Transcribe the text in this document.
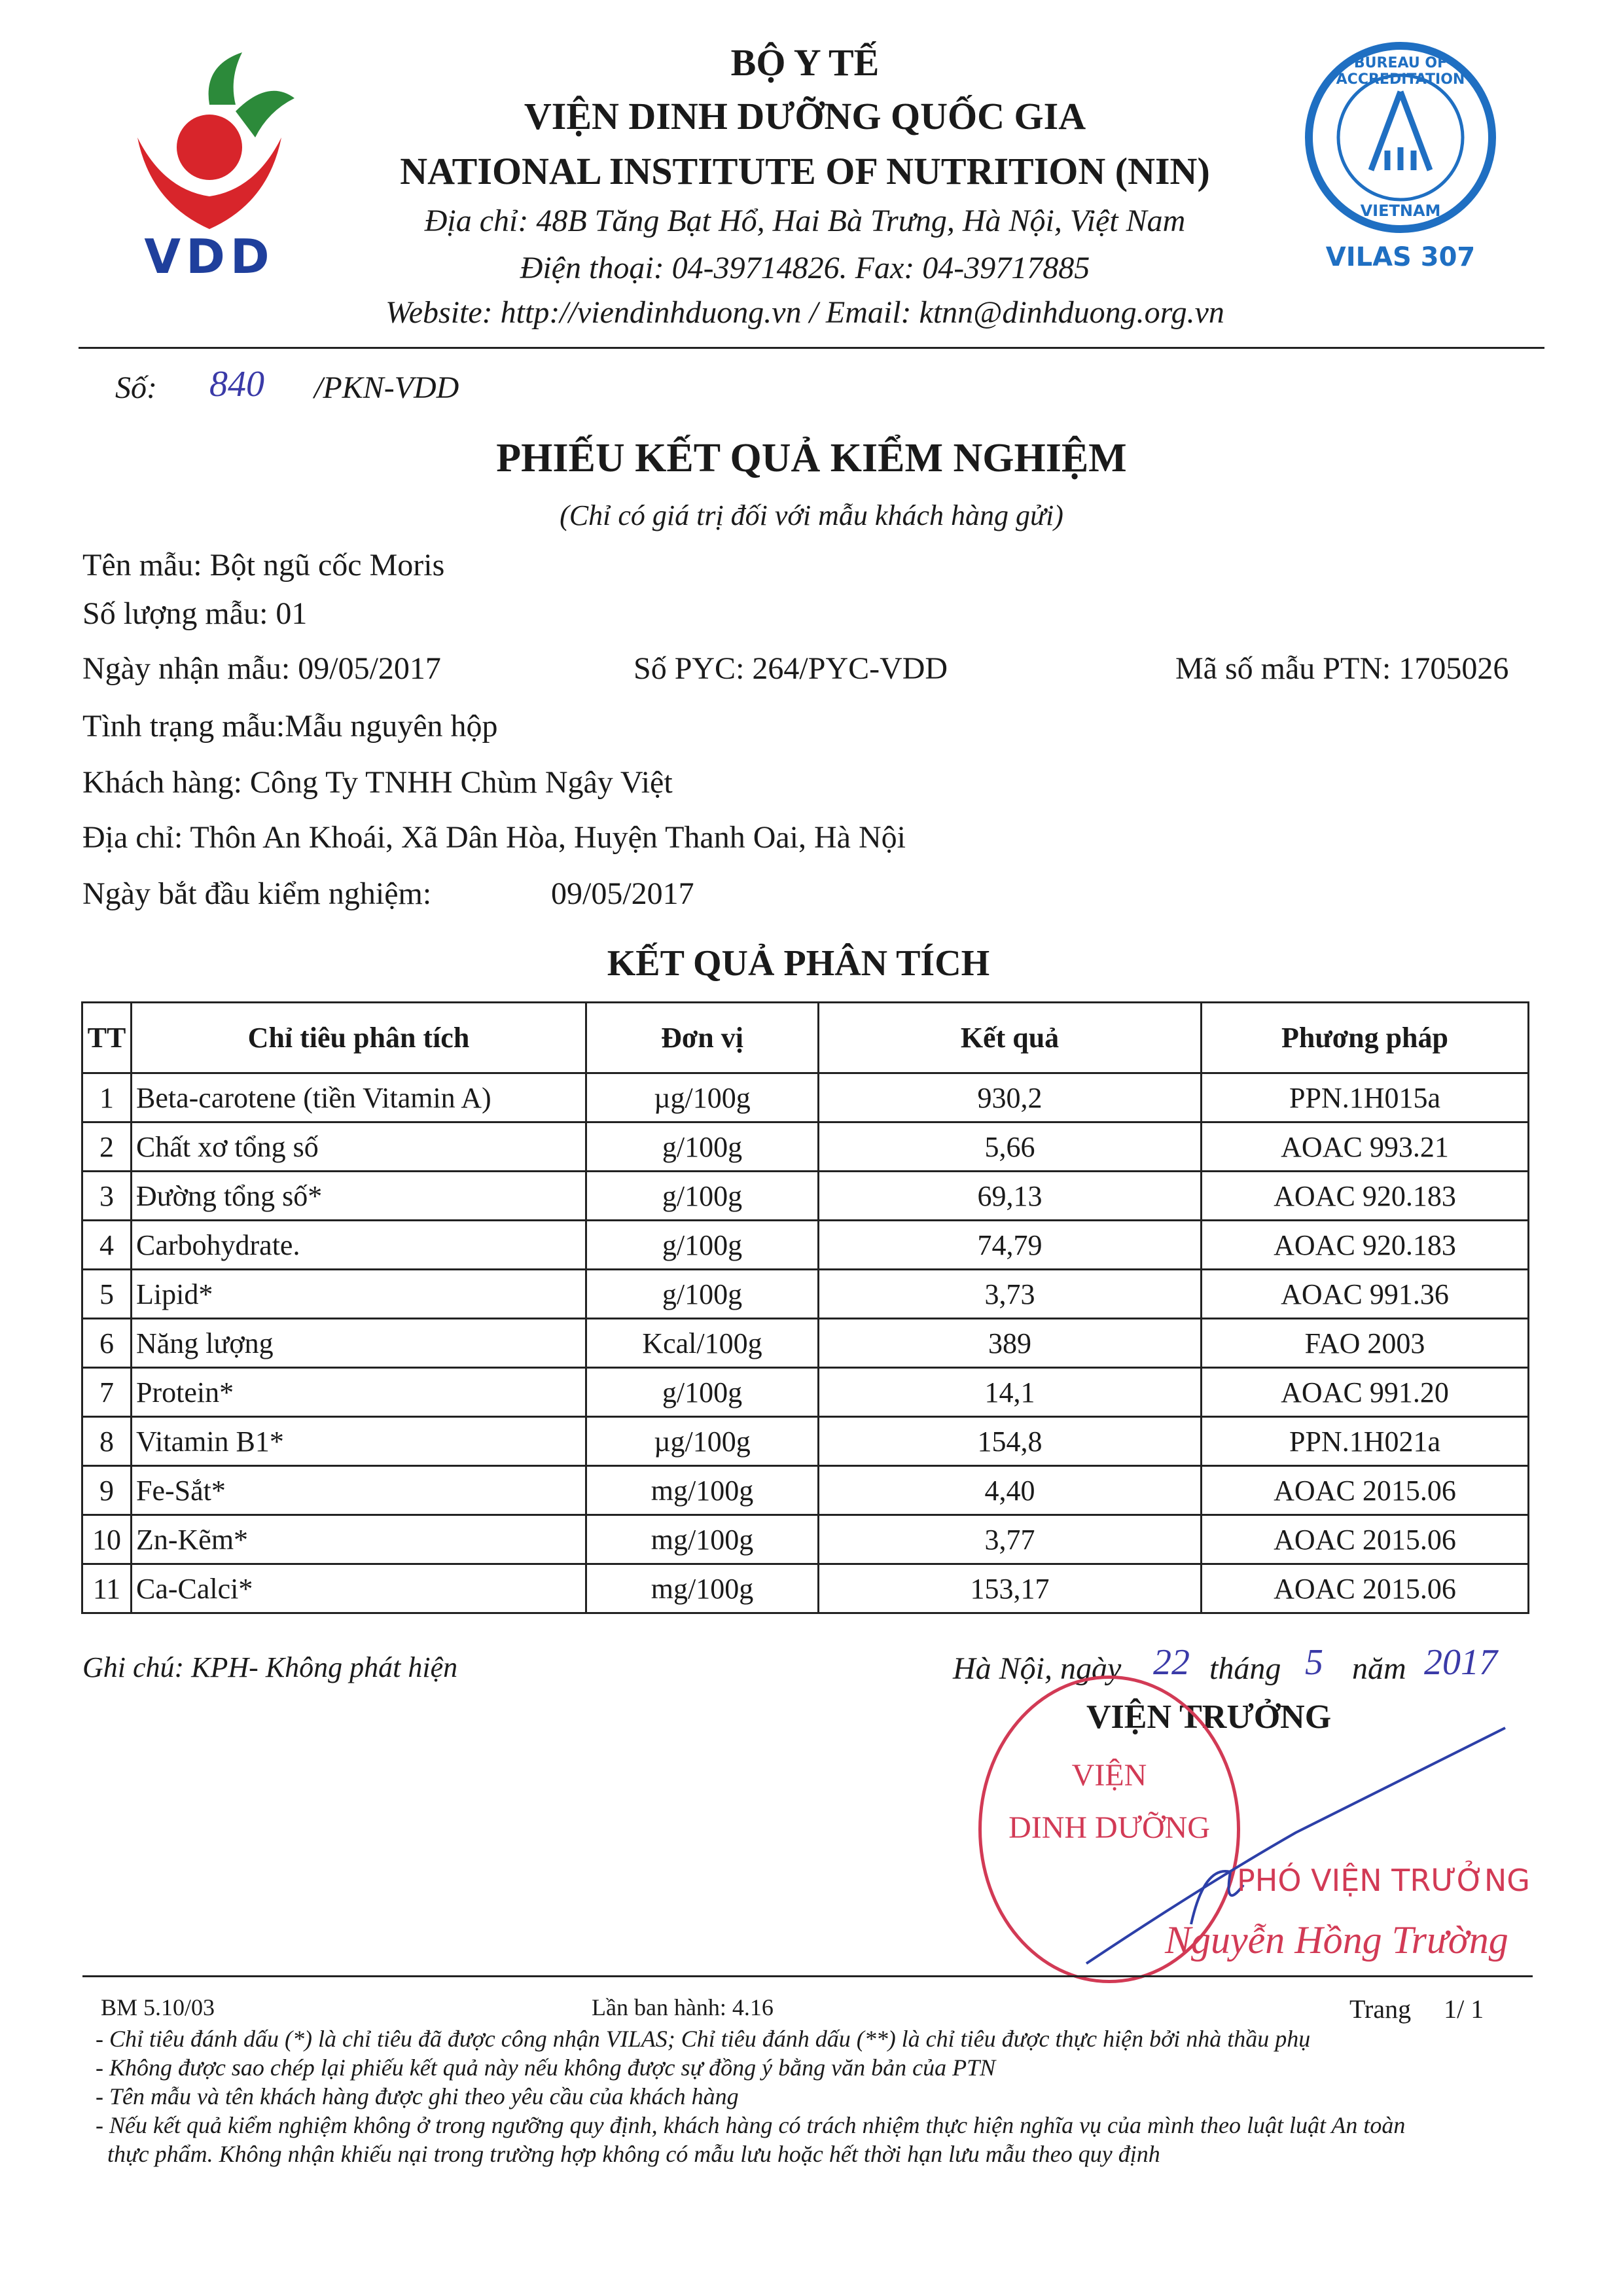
VDD
BỘ Y TẾ
VIỆN DINH DƯỠNG QUỐC GIA
NATIONAL INSTITUTE OF NUTRITION (NIN)
Địa chỉ: 48B Tăng Bạt Hổ, Hai Bà Trưng, Hà Nội, Việt Nam
Điện thoại: 04-39714826. Fax: 04-39717885
Website: http://viendinhduong.vn / Email: ktnn@dinhduong.org.vn
BUREAU OF ACCREDITATION
VIETNAM
VILAS 307
Số: 840 /PKN-VDD
PHIẾU KẾT QUẢ KIỂM NGHIỆM
(Chỉ có giá trị đối với mẫu khách hàng gửi)
Tên mẫu: Bột ngũ cốc Moris
Số lượng mẫu: 01
Ngày nhận mẫu: 09/05/2017	Số PYC: 264/PYC-VDD	Mã số mẫu PTN: 1705026
Tình trạng mẫu:Mẫu nguyên hộp
Khách hàng: Công Ty TNHH Chùm Ngây Việt
Địa chỉ: Thôn An Khoái, Xã Dân Hòa, Huyện Thanh Oai, Hà Nội
Ngày bắt đầu kiểm nghiệm:	09/05/2017
KẾT QUẢ PHÂN TÍCH
TT	Chỉ tiêu phân tích	Đơn vị	Kết quả	Phương pháp
1	Beta-carotene (tiền Vitamin A)	µg/100g	930,2	PPN.1H015a
2	Chất xơ tổng số	g/100g	5,66	AOAC 993.21
3	Đường tổng số*	g/100g	69,13	AOAC 920.183
4	Carbohydrate.	g/100g	74,79	AOAC 920.183
5	Lipid*	g/100g	3,73	AOAC 991.36
6	Năng lượng	Kcal/100g	389	FAO 2003
7	Protein*	g/100g	14,1	AOAC 991.20
8	Vitamin B1*	µg/100g	154,8	PPN.1H021a
9	Fe-Sắt*	mg/100g	4,40	AOAC 2015.06
10	Zn-Kẽm*	mg/100g	3,77	AOAC 2015.06
11	Ca-Calci*	mg/100g	153,17	AOAC 2015.06
Ghi chú: KPH- Không phát hiện	Hà Nội, ngày 22 tháng 5 năm 2017
VIỆN TRƯỞNG
VIỆN
DINH DƯỠNG
PHÓ VIỆN TRƯỞNG
Nguyễn Hồng Trường
BM 5.10/03	Lần ban hành: 4.16	Trang     1/ 1
- Chỉ tiêu đánh dấu (*) là chỉ tiêu đã được công nhận VILAS; Chỉ tiêu đánh dấu (**) là chỉ tiêu được thực hiện bởi nhà thầu phụ
- Không được sao chép lại phiếu kết quả này nếu không được sự đồng ý bằng văn bản của PTN
- Tên mẫu và tên khách hàng được ghi theo yêu cầu của khách hàng
- Nếu kết quả kiểm nghiệm không ở trong ngưỡng quy định, khách hàng có trách nhiệm thực hiện nghĩa vụ của mình theo luật luật An toàn
thực phẩm. Không nhận khiếu nại trong trường hợp không có mẫu lưu hoặc hết thời hạn lưu mẫu theo quy định
